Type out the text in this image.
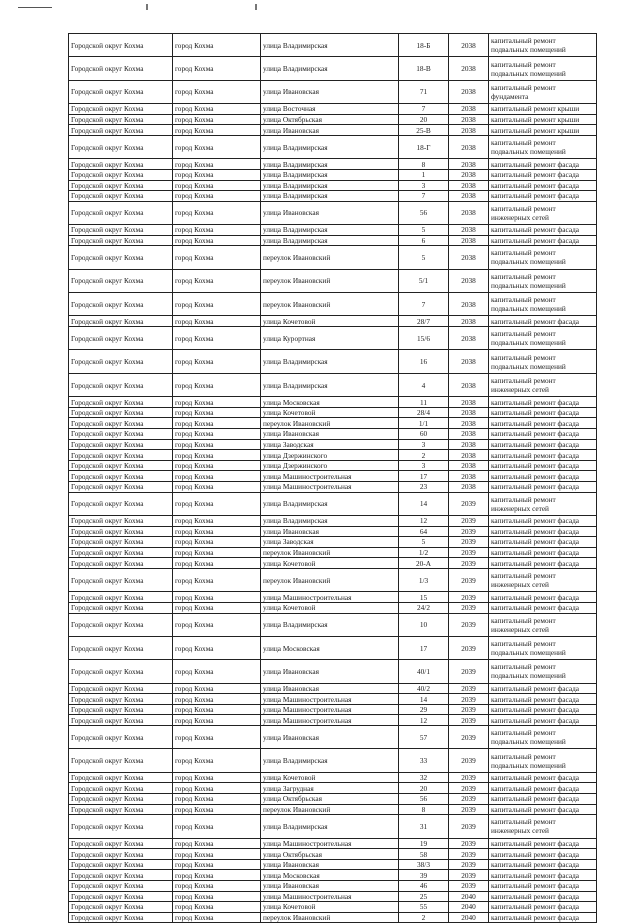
Городской округ Кохма	город Кохма	улица Владимирская	18-Б	2038	капитальный ремонт подвальных помещений
Городской округ Кохма	город Кохма	улица Владимирская	18-В	2038	капитальный ремонт подвальных помещений
Городской округ Кохма	город Кохма	улица Ивановская	71	2038	капитальный ремонт фундамента
Городской округ Кохма	город Кохма	улица Восточная	7	2038	капитальный ремонт крыши
Городской округ Кохма	город Кохма	улица Октябрьская	20	2038	капитальный ремонт крыши
Городской округ Кохма	город Кохма	улица Ивановская	25-В	2038	капитальный ремонт крыши
Городской округ Кохма	город Кохма	улица Владимирская	18-Г	2038	капитальный ремонт подвальных помещений
Городской округ Кохма	город Кохма	улица Владимирская	8	2038	капитальный ремонт фасада
Городской округ Кохма	город Кохма	улица Владимирская	1	2038	капитальный ремонт фасада
Городской округ Кохма	город Кохма	улица Владимирская	3	2038	капитальный ремонт фасада
Городской округ Кохма	город Кохма	улица Владимирская	7	2038	капитальный ремонт фасада
Городской округ Кохма	город Кохма	улица Ивановская	56	2038	капитальный ремонт инженерных сетей
Городской округ Кохма	город Кохма	улица Владимирская	5	2038	капитальный ремонт фасада
Городской округ Кохма	город Кохма	улица Владимирская	6	2038	капитальный ремонт фасада
Городской округ Кохма	город Кохма	переулок Ивановский	5	2038	капитальный ремонт подвальных помещений
Городской округ Кохма	город Кохма	переулок Ивановский	5/1	2038	капитальный ремонт подвальных помещений
Городской округ Кохма	город Кохма	переулок Ивановский	7	2038	капитальный ремонт подвальных помещений
Городской округ Кохма	город Кохма	улица Кочетовой	28/7	2038	капитальный ремонт фасада
Городской округ Кохма	город Кохма	улица Курортная	15/6	2038	капитальный ремонт подвальных помещений
Городской округ Кохма	город Кохма	улица Владимирская	16	2038	капитальный ремонт подвальных помещений
Городской округ Кохма	город Кохма	улица Владимирская	4	2038	капитальный ремонт инженерных сетей
Городской округ Кохма	город Кохма	улица Московская	11	2038	капитальный ремонт фасада
Городской округ Кохма	город Кохма	улица Кочетовой	28/4	2038	капитальный ремонт фасада
Городской округ Кохма	город Кохма	переулок Ивановский	1/1	2038	капитальный ремонт фасада
Городской округ Кохма	город Кохма	улица Ивановская	60	2038	капитальный ремонт фасада
Городской округ Кохма	город Кохма	улица Заводская	3	2038	капитальный ремонт фасада
Городской округ Кохма	город Кохма	улица Дзержинского	2	2038	капитальный ремонт фасада
Городской округ Кохма	город Кохма	улица Дзержинского	3	2038	капитальный ремонт фасада
Городской округ Кохма	город Кохма	улица Машиностроительная	17	2038	капитальный ремонт фасада
Городской округ Кохма	город Кохма	улица Машиностроительная	23	2038	капитальный ремонт фасада
Городской округ Кохма	город Кохма	улица Владимирская	14	2039	капитальный ремонт инженерных сетей
Городской округ Кохма	город Кохма	улица Владимирская	12	2039	капитальный ремонт фасада
Городской округ Кохма	город Кохма	улица Ивановская	64	2039	капитальный ремонт фасада
Городской округ Кохма	город Кохма	улица Заводская	5	2039	капитальный ремонт фасада
Городской округ Кохма	город Кохма	переулок Ивановский	1/2	2039	капитальный ремонт фасада
Городской округ Кохма	город Кохма	улица Кочетовой	20-А	2039	капитальный ремонт фасада
Городской округ Кохма	город Кохма	переулок Ивановский	1/3	2039	капитальный ремонт инженерных сетей
Городской округ Кохма	город Кохма	улица Машиностроительная	15	2039	капитальный ремонт фасада
Городской округ Кохма	город Кохма	улица Кочетовой	24/2	2039	капитальный ремонт фасада
Городской округ Кохма	город Кохма	улица Владимирская	10	2039	капитальный ремонт инженерных сетей
Городской округ Кохма	город Кохма	улица Московская	17	2039	капитальный ремонт подвальных помещений
Городской округ Кохма	город Кохма	улица Ивановская	40/1	2039	капитальный ремонт подвальных помещений
Городской округ Кохма	город Кохма	улица Ивановская	40/2	2039	капитальный ремонт фасада
Городской округ Кохма	город Кохма	улица Машиностроительная	14	2039	капитальный ремонт фасада
Городской округ Кохма	город Кохма	улица Машиностроительная	29	2039	капитальный ремонт фасада
Городской округ Кохма	город Кохма	улица Машиностроительная	12	2039	капитальный ремонт фасада
Городской округ Кохма	город Кохма	улица Ивановская	57	2039	капитальный ремонт подвальных помещений
Городской округ Кохма	город Кохма	улица Владимирская	33	2039	капитальный ремонт подвальных помещений
Городской округ Кохма	город Кохма	улица Кочетовой	32	2039	капитальный ремонт фасада
Городской округ Кохма	город Кохма	улица Загрудная	20	2039	капитальный ремонт фасада
Городской округ Кохма	город Кохма	улица Октябрьская	56	2039	капитальный ремонт фасада
Городской округ Кохма	город Кохма	переулок Ивановский	8	2039	капитальный ремонт фасада
Городской округ Кохма	город Кохма	улица Владимирская	31	2039	капитальный ремонт инженерных сетей
Городской округ Кохма	город Кохма	улица Машиностроительная	19	2039	капитальный ремонт фасада
Городской округ Кохма	город Кохма	улица Октябрьская	58	2039	капитальный ремонт фасада
Городской округ Кохма	город Кохма	улица Ивановская	38/3	2039	капитальный ремонт фасада
Городской округ Кохма	город Кохма	улица Московская	39	2039	капитальный ремонт фасада
Городской округ Кохма	город Кохма	улица Ивановская	46	2039	капитальный ремонт фасада
Городской округ Кохма	город Кохма	улица Машиностроительная	25	2040	капитальный ремонт фасада
Городской округ Кохма	город Кохма	улица Кочетовой	55	2040	капитальный ремонт фасада
Городской округ Кохма	город Кохма	переулок Ивановский	2	2040	капитальный ремонт фасада
